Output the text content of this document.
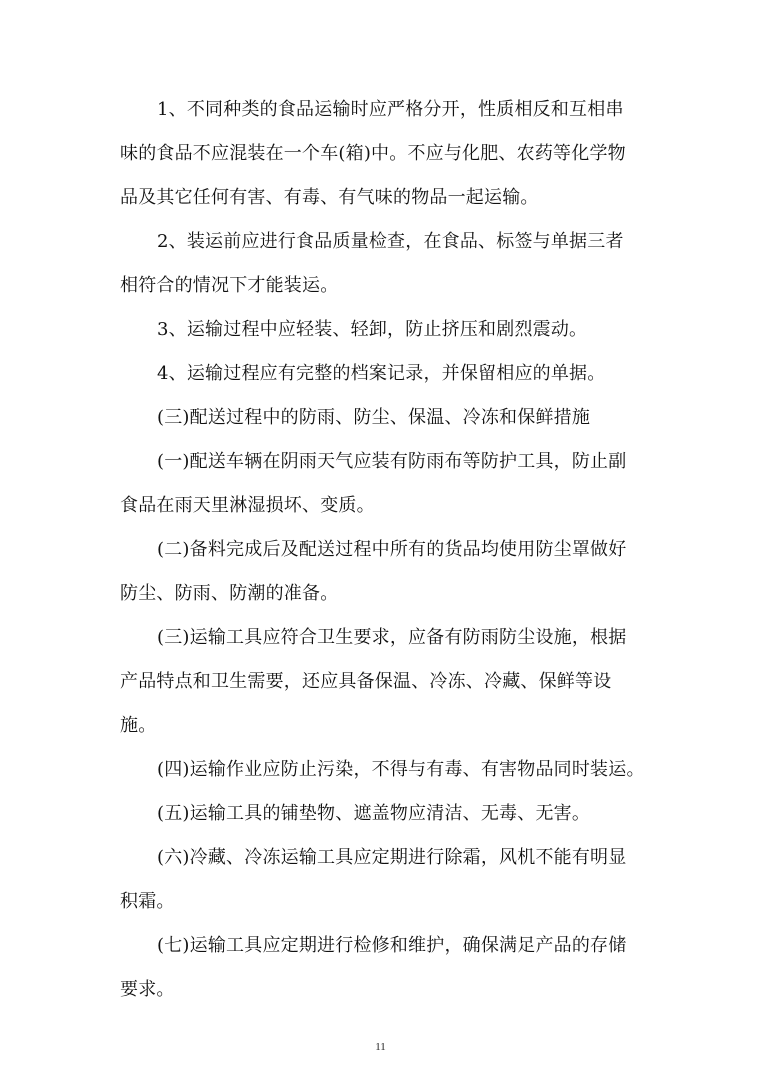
1、不同种类的食品运输时应严格分开，性质相反和互相串
味的食品不应混装在一个车(箱)中。不应与化肥、农药等化学物
品及其它任何有害、有毒、有气味的物品一起运输。
2、装运前应进行食品质量检查，在食品、标签与单据三者
相符合的情况下才能装运。
3、运输过程中应轻装、轻卸，防止挤压和剧烈震动。
4、运输过程应有完整的档案记录，并保留相应的单据。
(三)配送过程中的防雨、防尘、保温、冷冻和保鲜措施
(一)配送车辆在阴雨天气应装有防雨布等防护工具，防止副
食品在雨天里淋湿损坏、变质。
(二)备料完成后及配送过程中所有的货品均使用防尘罩做好
防尘、防雨、防潮的准备。
(三)运输工具应符合卫生要求，应备有防雨防尘设施，根据
产品特点和卫生需要，还应具备保温、冷冻、冷藏、保鲜等设
施。
(四)运输作业应防止污染，不得与有毒、有害物品同时装运。
(五)运输工具的铺垫物、遮盖物应清洁、无毒、无害。
(六)冷藏、冷冻运输工具应定期进行除霜，风机不能有明显
积霜。
(七)运输工具应定期进行检修和维护，确保满足产品的存储
要求。
11
